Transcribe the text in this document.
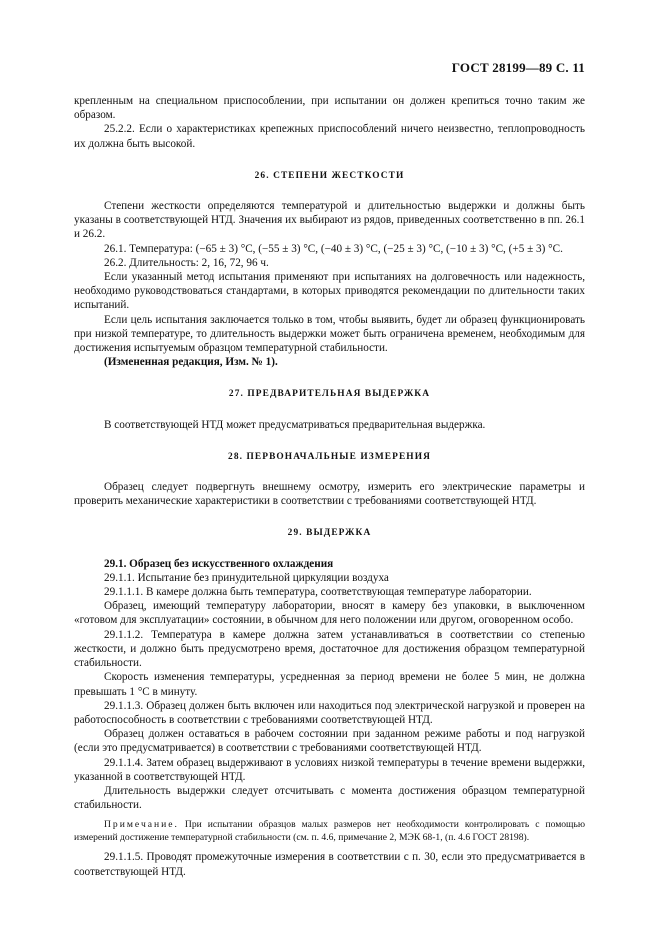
ГОСТ 28199—89 С. 11

крепленным на специальном приспособлении, при испытании он должен крепиться точно таким же образом.

25.2.2. Если о характеристиках крепежных приспособлений ничего неизвестно, теплопроводность их должна быть высокой.

26. СТЕПЕНИ ЖЕСТКОСТИ

Степени жесткости определяются температурой и длительностью выдержки и должны быть указаны в соответствующей НТД. Значения их выбирают из рядов, приведенных соответственно в пп. 26.1 и 26.2.

26.1. Температура: (−65 ± 3) °С, (−55 ± 3) °С, (−40 ± 3) °С, (−25 ± 3) °С, (−10 ± 3) °С, (+5 ± 3) °С.

26.2. Длительность: 2, 16, 72, 96 ч.

Если указанный метод испытания применяют при испытаниях на долговечность или надежность, необходимо руководствоваться стандартами, в которых приводятся рекомендации по длительности таких испытаний.

Если цель испытания заключается только в том, чтобы выявить, будет ли образец функционировать при низкой температуре, то длительность выдержки может быть ограничена временем, необходимым для достижения испытуемым образцом температурной стабильности.

(Измененная редакция, Изм. № 1).

27. ПРЕДВАРИТЕЛЬНАЯ ВЫДЕРЖКА

В соответствующей НТД может предусматриваться предварительная выдержка.

28. ПЕРВОНАЧАЛЬНЫЕ ИЗМЕРЕНИЯ

Образец следует подвергнуть внешнему осмотру, измерить его электрические параметры и проверить механические характеристики в соответствии с требованиями соответствующей НТД.

29. ВЫДЕРЖКА

29.1. Образец без искусственного охлаждения

29.1.1. Испытание без принудительной циркуляции воздуха

29.1.1.1. В камере должна быть температура, соответствующая температуре лаборатории.

Образец, имеющий температуру лаборатории, вносят в камеру без упаковки, в выключенном «готовом для эксплуатации» состоянии, в обычном для него положении или другом, оговоренном особо.

29.1.1.2. Температура в камере должна затем устанавливаться в соответствии со степенью жесткости, и должно быть предусмотрено время, достаточное для достижения образцом температурной стабильности.

Скорость изменения температуры, усредненная за период времени не более 5 мин, не должна превышать 1 °С в минуту.

29.1.1.3. Образец должен быть включен или находиться под электрической нагрузкой и проверен на работоспособность в соответствии с требованиями соответствующей НТД.

Образец должен оставаться в рабочем состоянии при заданном режиме работы и под нагрузкой (если это предусматривается) в соответствии с требованиями соответствующей НТД.

29.1.1.4. Затем образец выдерживают в условиях низкой температуры в течение времени выдержки, указанной в соответствующей НТД.

Длительность выдержки следует отсчитывать с момента достижения образцом температурной стабильности.

Примечание. При испытании образцов малых размеров нет необходимости контролировать с помощью измерений достижение температурной стабильности (см. п. 4.6, примечание 2, МЭК 68-1, (п. 4.6 ГОСТ 28198).

29.1.1.5. Проводят промежуточные измерения в соответствии с п. 30, если это предусматривается в соответствующей НТД.
